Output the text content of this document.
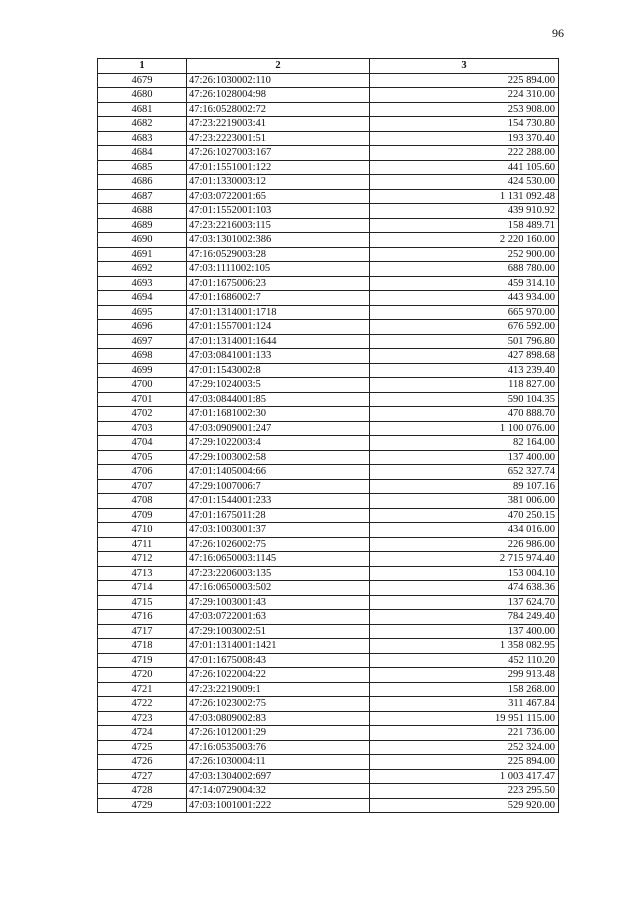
96
1	2	3
4679	47:26:1030002:110	225 894.00
4680	47:26:1028004:98	224 310.00
4681	47:16:0528002:72	253 908.00
4682	47:23:2219003:41	154 730.80
4683	47:23:2223001:51	193 370.40
4684	47:26:1027003:167	222 288.00
4685	47:01:1551001:122	441 105.60
4686	47:01:1330003:12	424 530.00
4687	47:03:0722001:65	1 131 092.48
4688	47:01:1552001:103	439 910.92
4689	47:23:2216003:115	158 489.71
4690	47:03:1301002:386	2 220 160.00
4691	47:16:0529003:28	252 900.00
4692	47:03:1111002:105	688 780.00
4693	47:01:1675006:23	459 314.10
4694	47:01:1686002:7	443 934.00
4695	47:01:1314001:1718	665 970.00
4696	47:01:1557001:124	676 592.00
4697	47:01:1314001:1644	501 796.80
4698	47:03:0841001:133	427 898.68
4699	47:01:1543002:8	413 239.40
4700	47:29:1024003:5	118 827.00
4701	47:03:0844001:85	590 104.35
4702	47:01:1681002:30	470 888.70
4703	47:03:0909001:247	1 100 076.00
4704	47:29:1022003:4	82 164.00
4705	47:29:1003002:58	137 400.00
4706	47:01:1405004:66	652 327.74
4707	47:29:1007006:7	89 107.16
4708	47:01:1544001:233	381 006.00
4709	47:01:1675011:28	470 250.15
4710	47:03:1003001:37	434 016.00
4711	47:26:1026002:75	226 986.00
4712	47:16:0650003:1145	2 715 974.40
4713	47:23:2206003:135	153 004.10
4714	47:16:0650003:502	474 638.36
4715	47:29:1003001:43	137 624.70
4716	47:03:0722001:63	784 249.40
4717	47:29:1003002:51	137 400.00
4718	47:01:1314001:1421	1 358 082.95
4719	47:01:1675008:43	452 110.20
4720	47:26:1022004:22	299 913.48
4721	47:23:2219009:1	158 268.00
4722	47:26:1023002:75	311 467.84
4723	47:03:0809002:83	19 951 115.00
4724	47:26:1012001:29	221 736.00
4725	47:16:0535003:76	252 324.00
4726	47:26:1030004:11	225 894.00
4727	47:03:1304002:697	1 003 417.47
4728	47:14:0729004:32	223 295.50
4729	47:03:1001001:222	529 920.00
